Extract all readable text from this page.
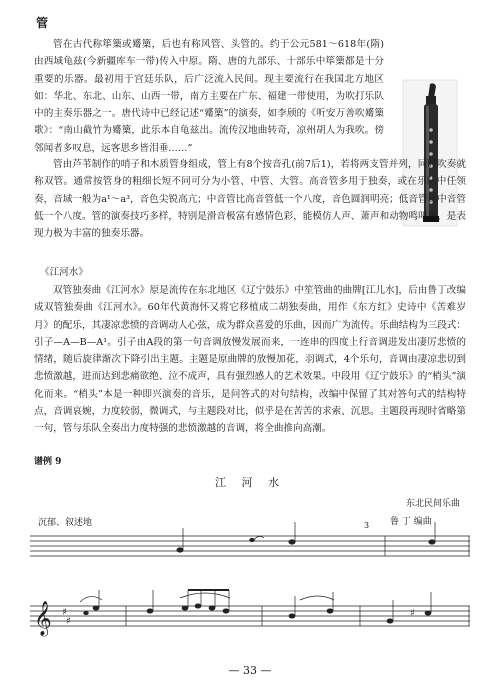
管

管在古代称筚篥或觱篥，后也有称风管、头管的。约于公元581～618年(隋)由西域龟兹(今新疆库车一带)传入中原。隋、唐的九部乐、十部乐中筚篥都是十分重要的乐器。最初用于宫廷乐队，后广泛流入民间。现主要流行在我国北方地区如：华北、东北、山东、山西一带，南方主要在广东、福建一带使用，为吹打乐队中的主奏乐器之一。唐代诗中已经记述“觱篥”的演奏，如李颀的《听安万善吹觱篥歌》：“南山截竹为觱篥，此乐本自龟兹出。流传汉地曲转奇，凉州胡人为我吹。傍邻闻者多叹息，远客思乡皆泪垂……”

管由芦苇制作的哨子和木质管身组成，管上有8个按音孔(前7后1)，若将两支管并列，同时吹奏就称双管。通常按管身的粗细长短不同可分为小管、中管、大管。高音管多用于独奏，或在乐队中任领奏，音域一般为a¹～a³，音色尖锐高亢；中音管比高音管低一个八度，音色圆润明亮；低音管比中音管低一个八度。管的演奏技巧多样，特别是滑音极富有感情色彩，能模仿人声、萧声和动物鸣叫声，是表现力极为丰富的独奏乐器。

《江河水》

双管独奏曲《江河水》原是流传在东北地区《辽宁鼓乐》中笙管曲的曲牌[江儿水]，后由鲁丁改编成双管独奏曲《江河水》。60年代黄海怀又将它移植成二胡独奏曲，用作《东方红》史诗中《苦难岁月》的配乐，其凄凉悲愤的音调动人心弦，成为群众喜爱的乐曲，因而广为流传。乐曲结构为三段式：引子—A—B—A¹。引子由A段的第一句音调放慢发展而来，一连串的四度上行音调进发出凄厉悲愤的情绪，随后旋律渐次下降引出主题。主题是原曲牌的放慢加花，羽调式，4个乐句，音调由凄凉悲切到悲愤激越，进而达到悲痛欲绝、泣不成声，具有强烈感人的艺术效果。中段用《辽宁鼓乐》的“梢头”演化而来。“梢头”本是一种即兴演奏的音乐，是问答式的对句结构，改编中保留了其对答句式的结构特点，音调哀婉，力度较弱，微调式，与主题段对比，似乎是在苦苦的求索、沉思。主题段再现时省略第一句，管与乐队全奏出力度特强的悲愤激越的音调，将全曲推向高潮。

谱例 9
江 河 水
东北民间乐曲
鲁 丁 编曲
沉郁、叙述地	3
𝄞 ♯
♯
♯
— 33 —
